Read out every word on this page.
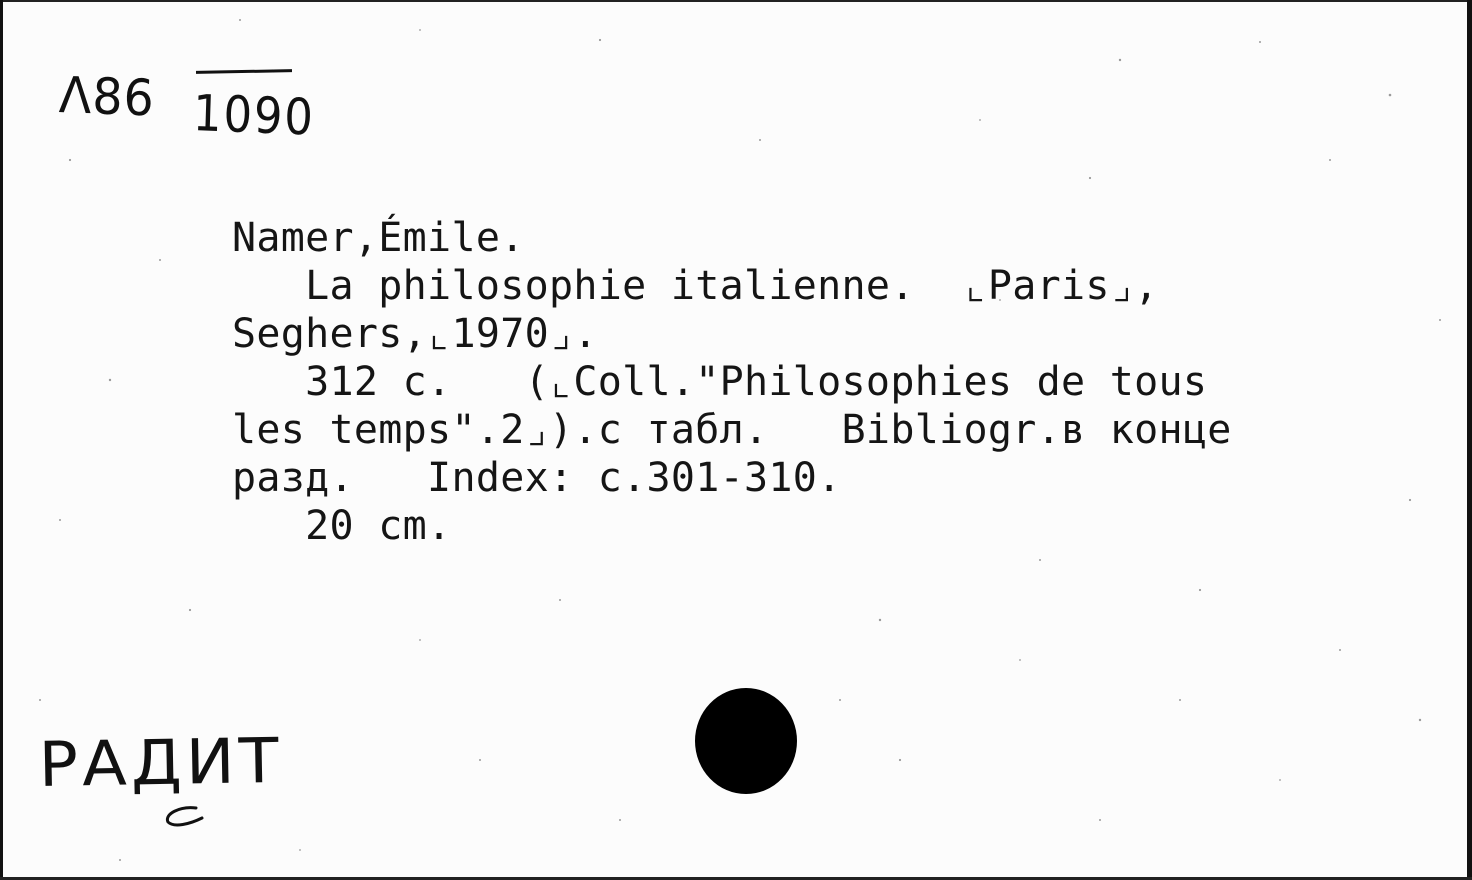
Λ86 1090
Namer,Émile.
La philosophie italienne.  ⌞Paris⌟,
Seghers,⌞1970⌟.
312 с.   (⌞Coll."Philosophies de tous
les temps".2⌟).c табл.   Bibliogr.в конце
разд.   Index: с.301-310.
20 cm.
РАДИТ
